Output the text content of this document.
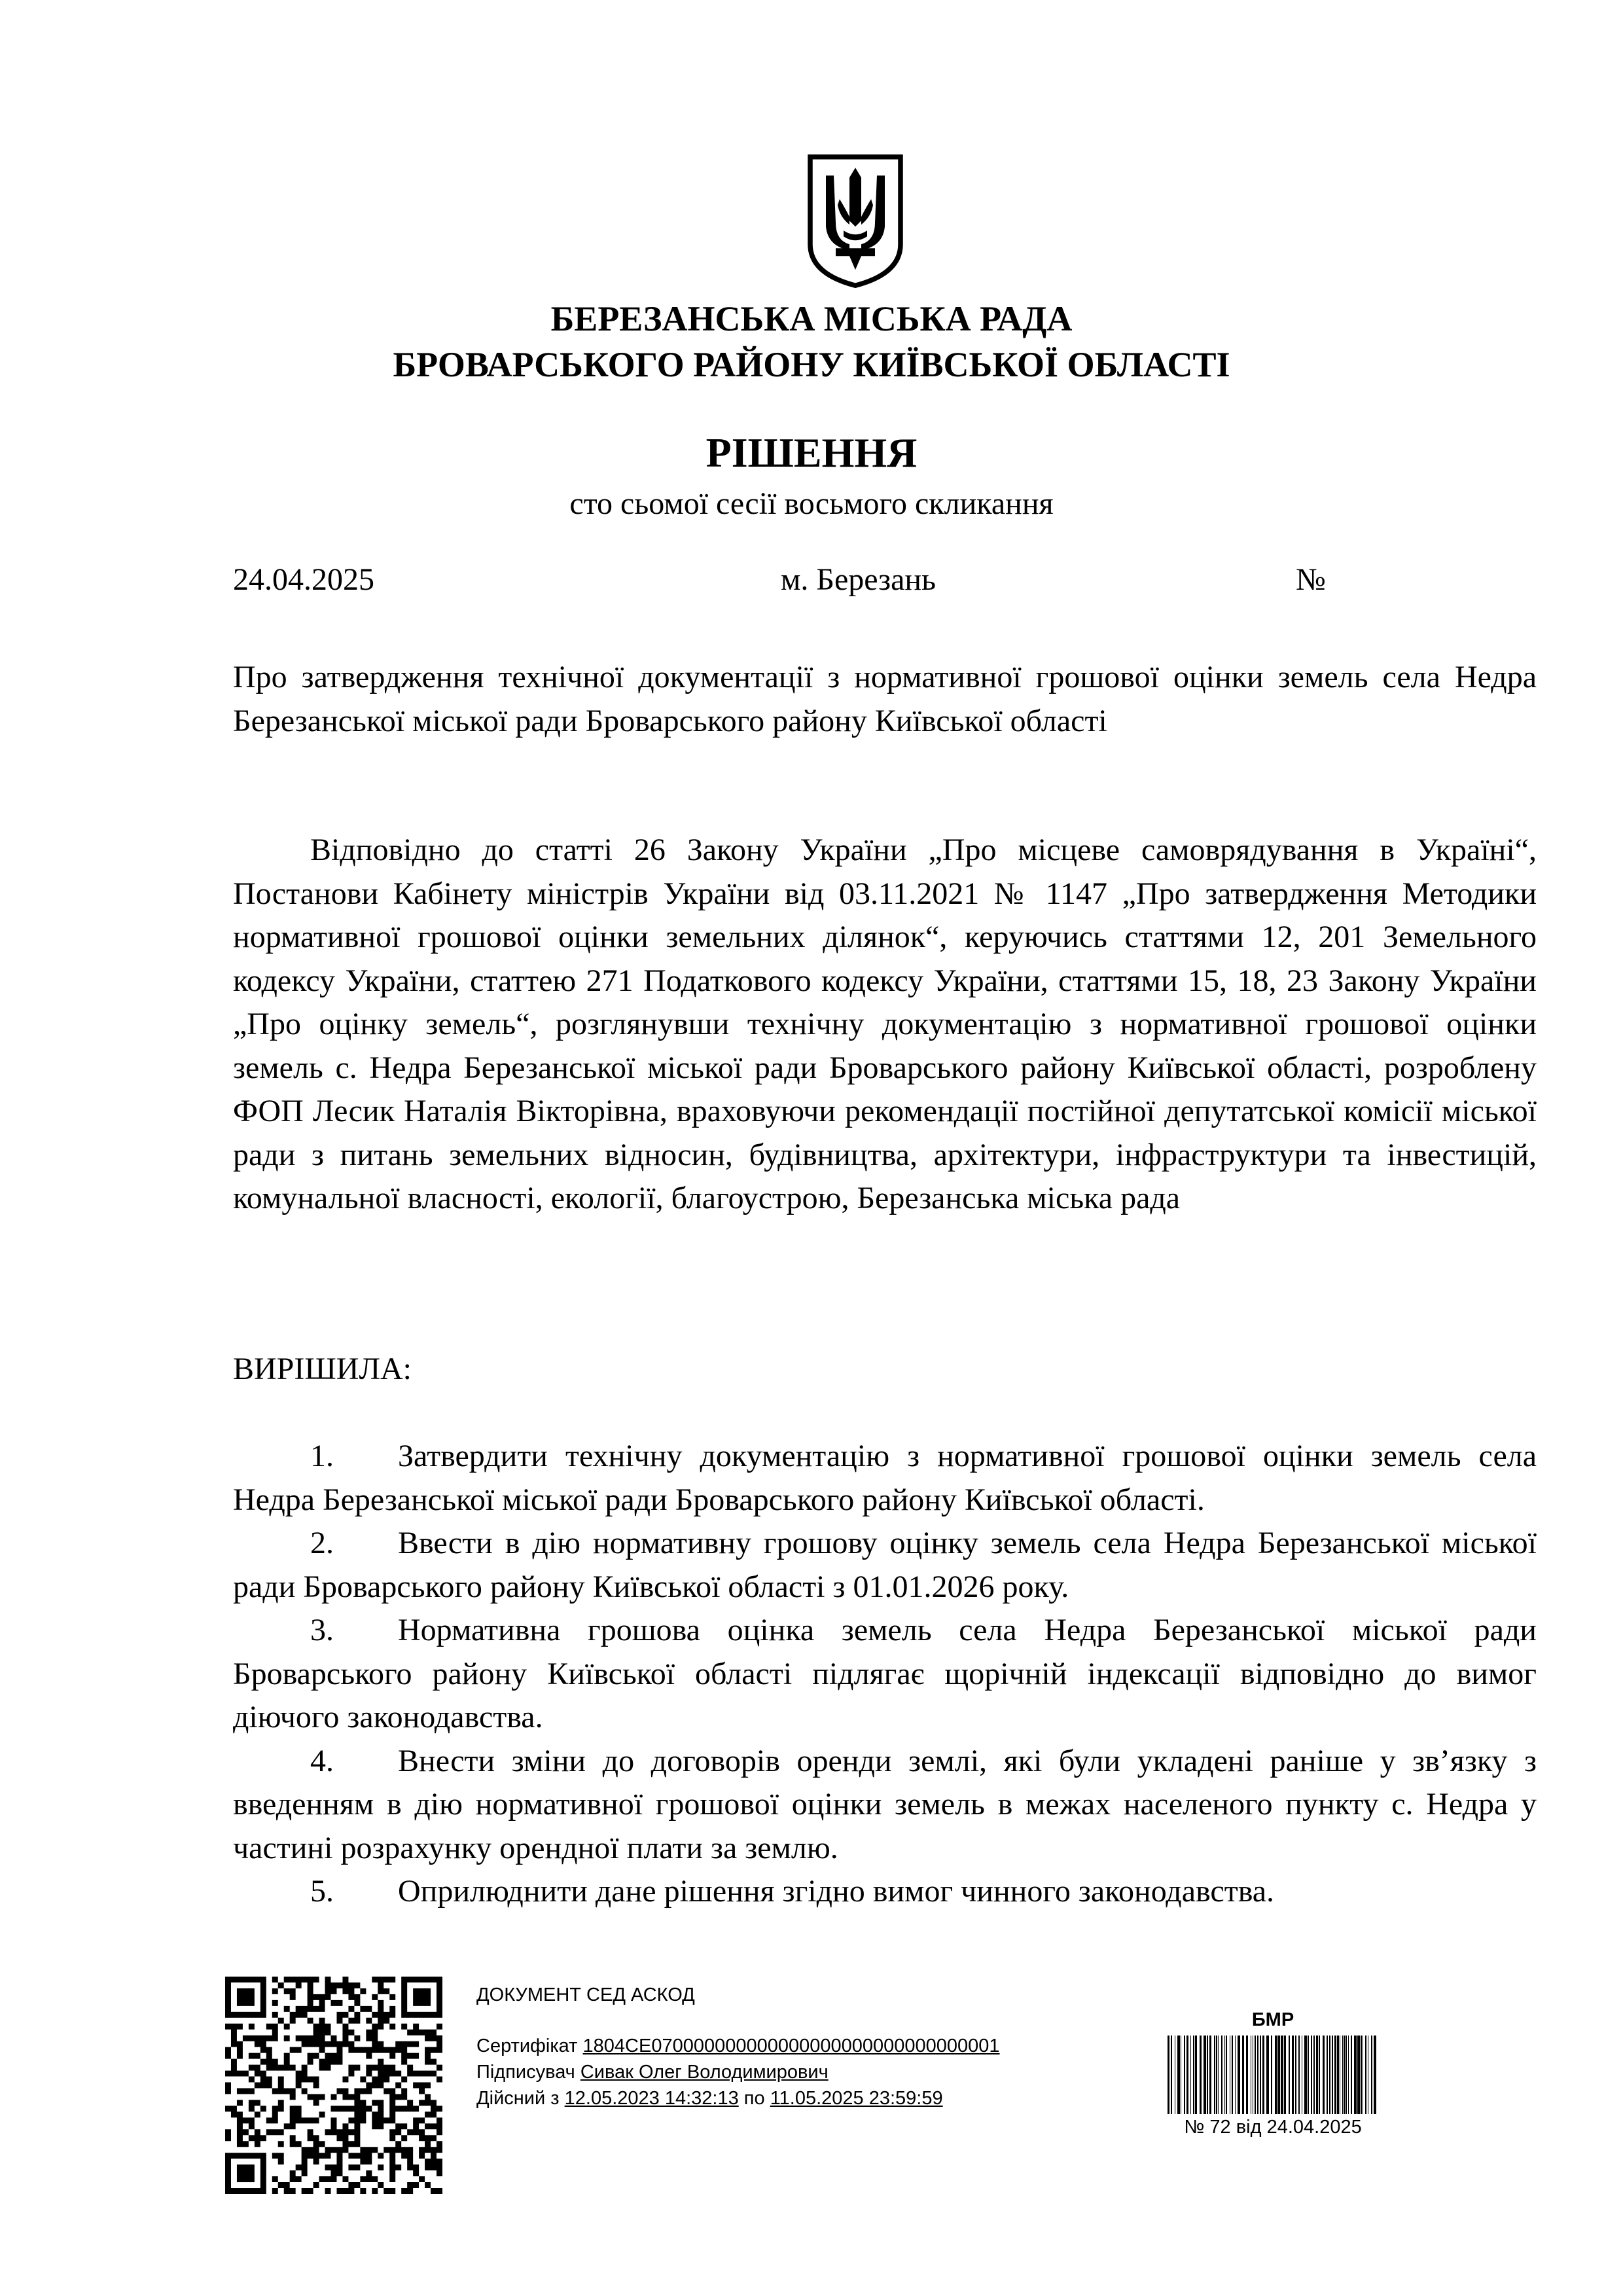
БЕРЕЗАНСЬКА МІСЬКА РАДА
БРОВАРСЬКОГО РАЙОНУ КИЇВСЬКОЇ ОБЛАСТІ
РІШЕННЯ
сто сьомої сесії восьмого скликання
24.04.2025	м. Березань	№
Про затвердження технічної документації з нормативної грошової оцінки земель села Недра Березанської міської ради Броварського району Київської області

Відповідно до статті 26 Закону України „Про місцеве самоврядування в Україні“, Постанови Кабінету міністрів України від 03.11.2021 № 1147 „Про затвердження Методики нормативної грошової оцінки земельних ділянок“, керуючись статтями 12, 201 Земельного кодексу України, статтею 271 Податкового кодексу України, статтями 15, 18, 23 Закону України „Про оцінку земель“, розглянувши технічну документацію з нормативної грошової оцінки земель с. Недра Березанської міської ради Броварського району Київської області, розроблену ФОП Лесик Наталія Вікторівна, враховуючи рекомендації постійної депутатської комісії міської ради з питань земельних відносин, будівництва, архітектури, інфраструктури та інвестицій, комунальної власності, екології, благоустрою, Березанська міська рада

ВИРІШИЛА:

1. Затвердити технічну документацію з нормативної грошової оцінки земель села Недра Березанської міської ради Броварського району Київської області.

2. Ввести в дію нормативну грошову оцінку земель села Недра Березанської міської ради Броварського району Київської області з 01.01.2026 року.

3. Нормативна грошова оцінка земель села Недра Березанської міської ради Броварського району Київської області підлягає щорічній індексації відповідно до вимог діючого законодавства.

4. Внести зміни до договорів оренди землі, які були укладені раніше у зв’язку з введенням в дію нормативної грошової оцінки земель в межах населеного пункту с. Недра у частині розрахунку орендної плати за землю.

5. Оприлюднити дане рішення згідно вимог чинного законодавства.

ДОКУМЕНТ СЕД АСКОД
Сертифікат 1804CE070000000000000000000000000000001
Підписувач Сивак Олег Володимирович
Дійсний з 12.05.2023 14:32:13 по 11.05.2025 23:59:59
БМР
№ 72 від 24.04.2025
